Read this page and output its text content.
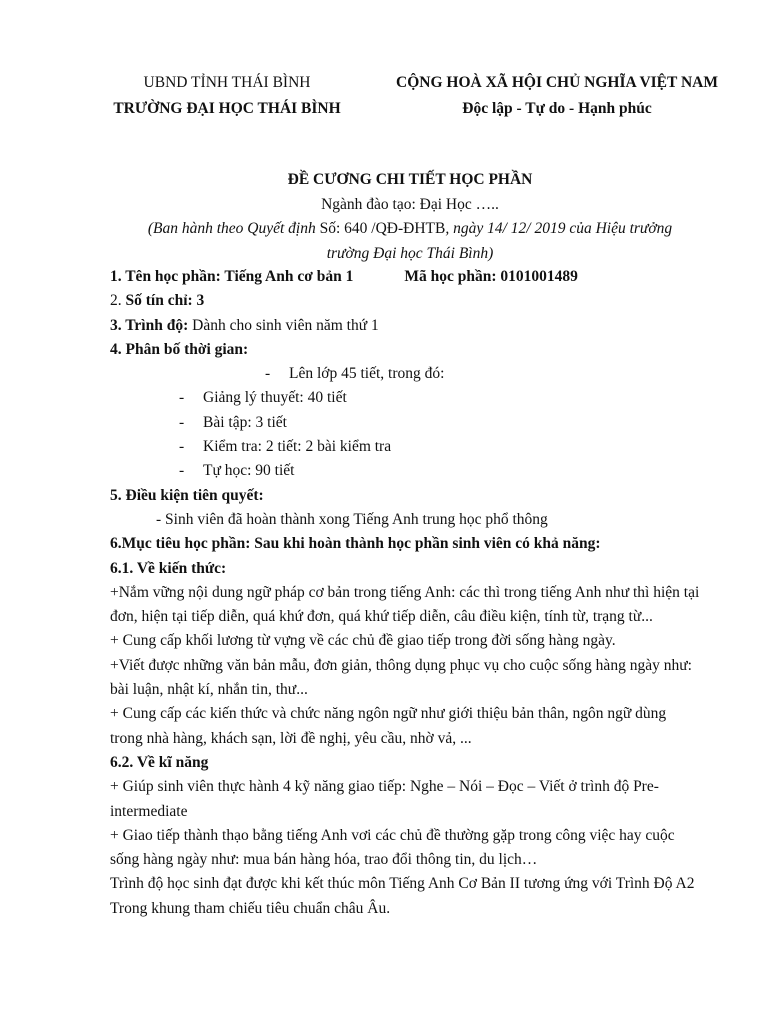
UBND TỈNH THÁI BÌNH
TRƯỜNG ĐẠI HỌC THÁI BÌNH
CỘNG HOÀ XÃ HỘI CHỦ NGHĨA VIỆT NAM
Độc lập - Tự do - Hạnh phúc
ĐỀ CƯƠNG CHI TIẾT HỌC PHẦN
Ngành đào tạo: Đại Học …..
(Ban hành theo Quyết định Số: 640 /QĐ-ĐHTB, ngày 14/ 12/ 2019 của Hiệu trưởng
trường Đại học Thái Bình)
1. Tên học phần: Tiếng Anh cơ bản 1	Mã học phần: 0101001489
2. Số tín chỉ: 3
3. Trình độ: Dành cho sinh viên năm thứ 1
4. Phân bố thời gian:
- Lên lớp 45 tiết, trong đó:
- Giảng lý thuyết: 40 tiết
- Bài tập: 3 tiết
- Kiểm tra: 2 tiết: 2 bài kiểm tra
- Tự học: 90 tiết
5. Điều kiện tiên quyết:
- Sinh viên đã hoàn thành xong Tiếng Anh trung học phổ thông
6.Mục tiêu học phần: Sau khi hoàn thành học phần sinh viên có khả năng:
6.1. Về kiến thức:
+Nắm vững nội dung ngữ pháp cơ bản trong tiếng Anh: các thì trong tiếng Anh như thì hiện tại đơn, hiện tại tiếp diễn, quá khứ đơn, quá khứ tiếp diễn, câu điều kiện, tính từ, trạng từ...
+ Cung cấp khối lương từ vựng về các chủ đề giao tiếp trong đời sống hàng ngày.
+Viết được những văn bản mẫu, đơn giản, thông dụng phục vụ cho cuộc sống hàng ngày như: bài luận, nhật kí, nhắn tin, thư...
+ Cung cấp các kiến thức và chức năng ngôn ngữ như giới thiệu bản thân, ngôn ngữ dùng trong nhà hàng, khách sạn, lời đề nghị, yêu cầu, nhờ vả, ...
6.2. Về kĩ năng
+ Giúp sinh viên thực hành 4 kỹ năng giao tiếp: Nghe – Nói – Đọc – Viết ở trình độ Pre-intermediate
+ Giao tiếp thành thạo bằng tiếng Anh vơi các chủ đề thường gặp trong công việc hay cuộc sống hàng ngày như: mua bán hàng hóa, trao đổi thông tin, du lịch…
Trình độ học sinh đạt được khi kết thúc môn Tiếng Anh Cơ Bản II tương ứng với Trình Độ A2 Trong khung tham chiếu tiêu chuẩn châu Âu.
